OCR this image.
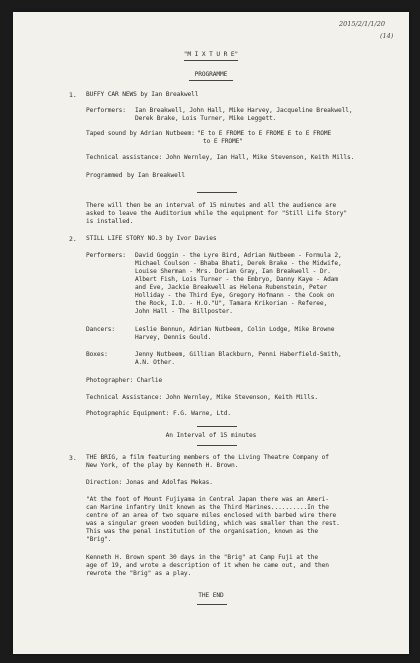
2015/2/1/1/20
(14)
"M I X T U R E"
PROGRAMME
1. BUFFY CAR NEWS by Ian Breakwell
Performers: Ian Breakwell, John Hall, Mike Harvey, Jacqueline Breakwell,
Derek Brake, Lois Turner, Mike Leggett.
Taped sound by Adrian Nutbeem: "E to E FROME to E FROME E to E FROME
to E FROME"
Technical assistance: John Wernley, Ian Hall, Mike Stevenson, Keith Mills.
Programmed by Ian Breakwell
There will then be an interval of 15 minutes and all the audience are
asked to leave the Auditorium while the equipment for "Still Life Story"
is installed.
2. STILL LIFE STORY NO.3 by Ivor Davies
Performers: David Goggin - the Lyre Bird, Adrian Nutbeem - Formula 2,
Michael Coulson - Bhaba Bhati, Derek Brake - the Midwife,
Louise Sherman - Mrs. Dorian Gray, Ian Breakwell - Dr.
Albert Fish, Lois Turner - the Embryo, Danny Kaye - Adam
and Eve, Jackie Breakwell as Helena Rubenstein, Peter
Holliday - the Third Eye, Gregory Hofmann - the Cook on
the Rock, I.D. - H.O."U", Tamara Krikorian - Referee,
John Hall - The Billposter.
Dancers:	Leslie Bennun, Adrian Nutbeem, Colin Lodge, Mike Browne
Harvey, Dennis Gould.
Boxes:	Jenny Nutbeem, Gillian Blackburn, Penni Haberfield-Smith,
A.N. Other.
Photographer: Charlie
Technical Assistance: John Wernley, Mike Stevenson, Keith Mills.
Photographic Equipment: F.G. Warne, Ltd.
An Interval of 15 minutes
3. THE BRIG, a film featuring members of the Living Theatre Company of
New York, of the play by Kenneth H. Brown.
Direction: Jonas and Adolfas Mekas.
"At the foot of Mount Fujiyama in Central Japan there was an Ameri-
can Marine infantry Unit known as the Third Marines..........In the
centre of an area of two square miles enclosed with barbed wire there
was a singular green wooden building, which was smaller than the rest.
This was the penal institution of the organisation, known as the
"Brig".
Kenneth H. Brown spent 30 days in the "Brig" at Camp Fuji at the
age of 19, and wrote a description of it when he came out, and then
rewrote the "Brig" as a play.
THE END
